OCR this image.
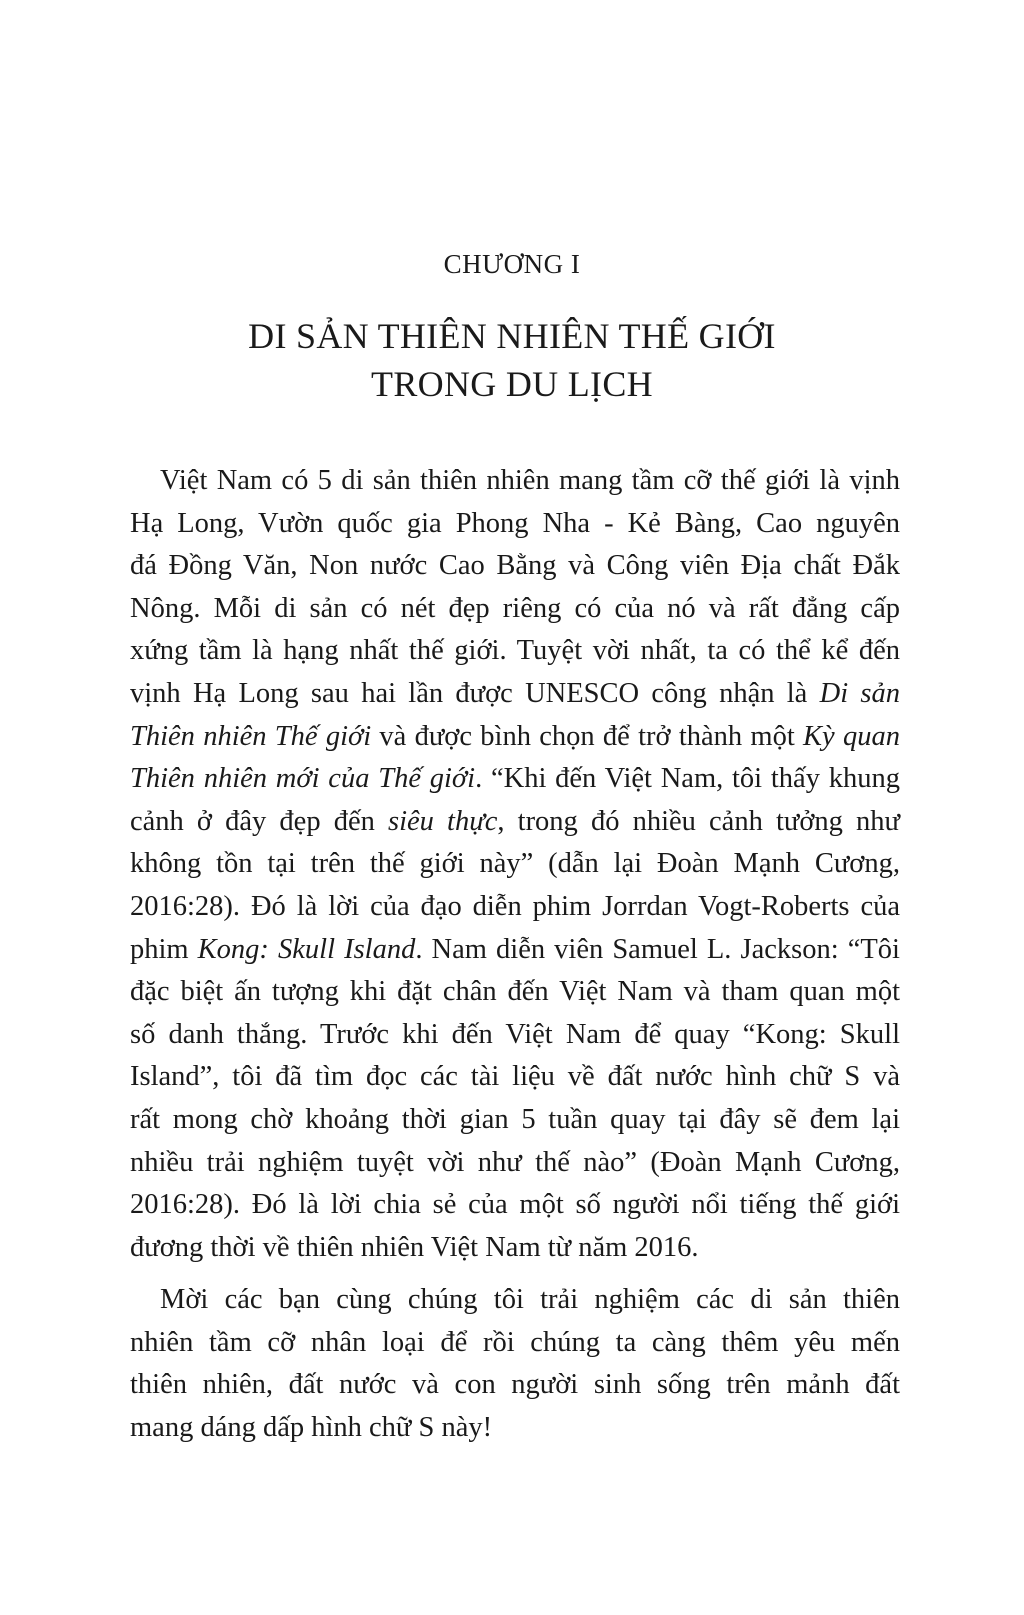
CHƯƠNG I
DI SẢN THIÊN NHIÊN THẾ GIỚI
TRONG DU LỊCH
Việt Nam có 5 di sản thiên nhiên mang tầm cỡ thế giới là vịnh
Hạ Long, Vườn quốc gia Phong Nha - Kẻ Bàng, Cao nguyên
đá Đồng Văn, Non nước Cao Bằng và Công viên Địa chất Đắk
Nông. Mỗi di sản có nét đẹp riêng có của nó và rất đẳng cấp
xứng tầm là hạng nhất thế giới. Tuyệt vời nhất, ta có thể kể đến
vịnh Hạ Long sau hai lần được UNESCO công nhận là Di sản
Thiên nhiên Thế giới và được bình chọn để trở thành một Kỳ quan
Thiên nhiên mới của Thế giới. “Khi đến Việt Nam, tôi thấy khung
cảnh ở đây đẹp đến siêu thực, trong đó nhiều cảnh tưởng như
không tồn tại trên thế giới này” (dẫn lại Đoàn Mạnh Cương,
2016:28). Đó là lời của đạo diễn phim Jorrdan Vogt-Roberts của
phim Kong: Skull Island. Nam diễn viên Samuel L. Jackson: “Tôi
đặc biệt ấn tượng khi đặt chân đến Việt Nam và tham quan một
số danh thắng. Trước khi đến Việt Nam để quay “Kong: Skull
Island”, tôi đã tìm đọc các tài liệu về đất nước hình chữ S và
rất mong chờ khoảng thời gian 5 tuần quay tại đây sẽ đem lại
nhiều trải nghiệm tuyệt vời như thế nào” (Đoàn Mạnh Cương,
2016:28). Đó là lời chia sẻ của một số người nổi tiếng thế giới
đương thời về thiên nhiên Việt Nam từ năm 2016.
Mời các bạn cùng chúng tôi trải nghiệm các di sản thiên
nhiên tầm cỡ nhân loại để rồi chúng ta càng thêm yêu mến
thiên nhiên, đất nước và con người sinh sống trên mảnh đất
mang dáng dấp hình chữ S này!
